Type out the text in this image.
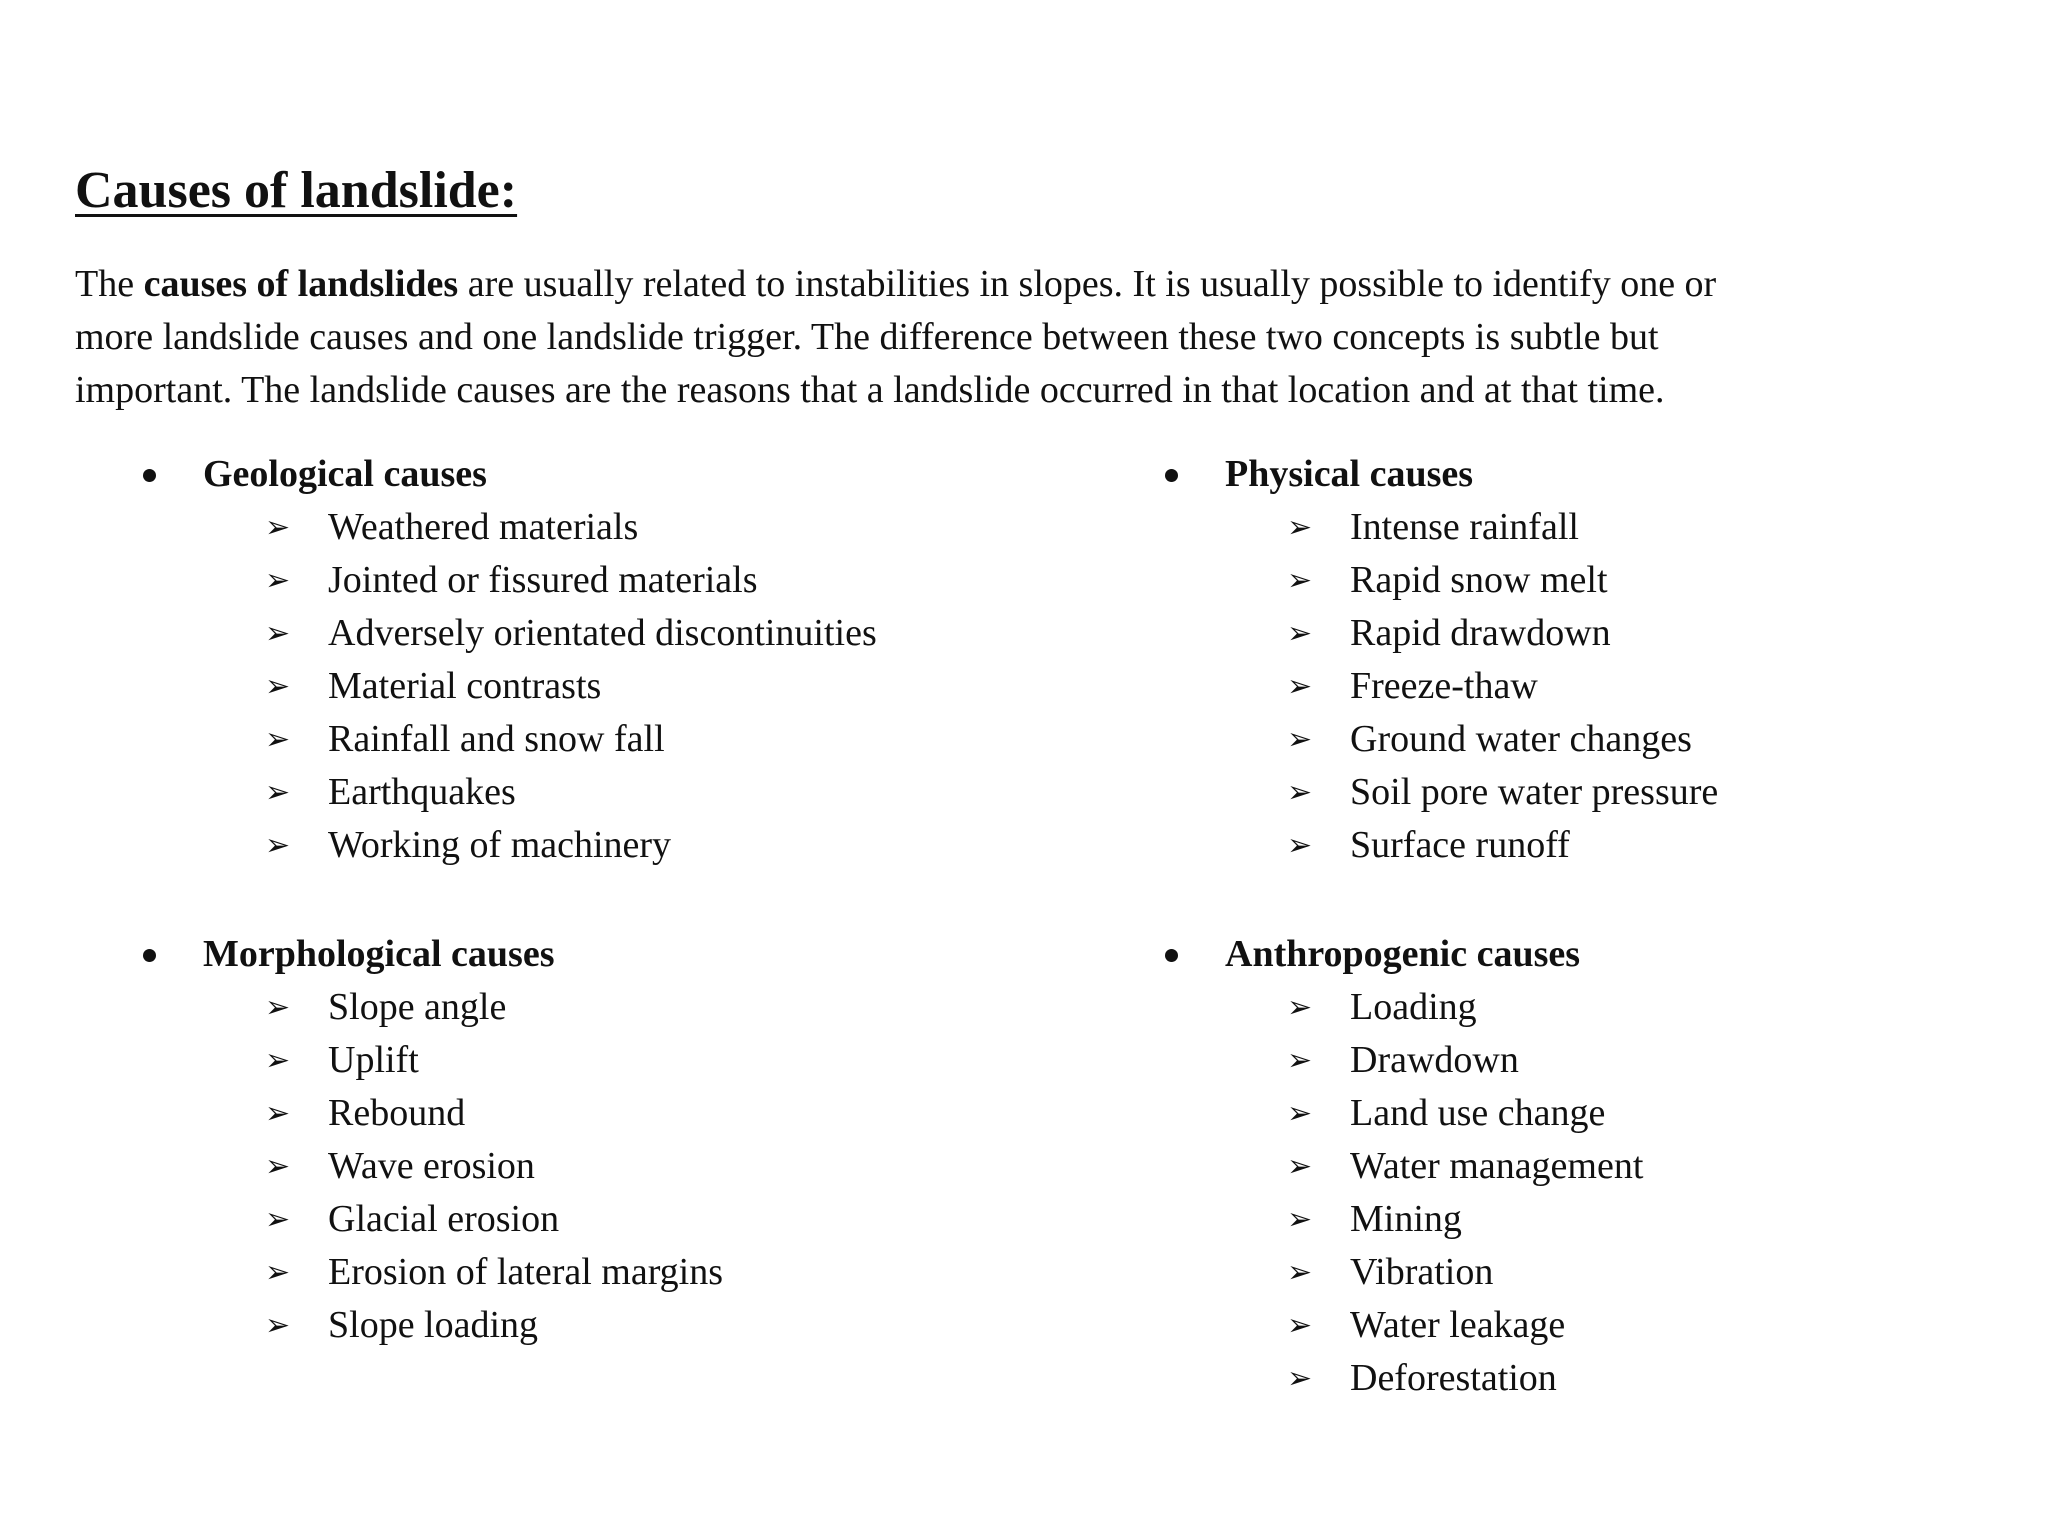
Causes of landslide:

The causes of landslides are usually related to instabilities in slopes. It is usually possible to identify one or
more landslide causes and one landslide trigger. The difference between these two concepts is subtle but
important. The landslide causes are the reasons that a landslide occurred in that location and at that time.

Geological causes
➢ Weathered materials
➢ Jointed or fissured materials
➢ Adversely orientated discontinuities
➢ Material contrasts
➢ Rainfall and snow fall
➢ Earthquakes
➢ Working of machinery
Physical causes
➢ Intense rainfall
➢ Rapid snow melt
➢ Rapid drawdown
➢ Freeze-thaw
➢ Ground water changes
➢ Soil pore water pressure
➢ Surface runoff
Morphological causes
➢ Slope angle
➢ Uplift
➢ Rebound
➢ Wave erosion
➢ Glacial erosion
➢ Erosion of lateral margins
➢ Slope loading
Anthropogenic causes
➢ Loading
➢ Drawdown
➢ Land use change
➢ Water management
➢ Mining
➢ Vibration
➢ Water leakage
➢ Deforestation
